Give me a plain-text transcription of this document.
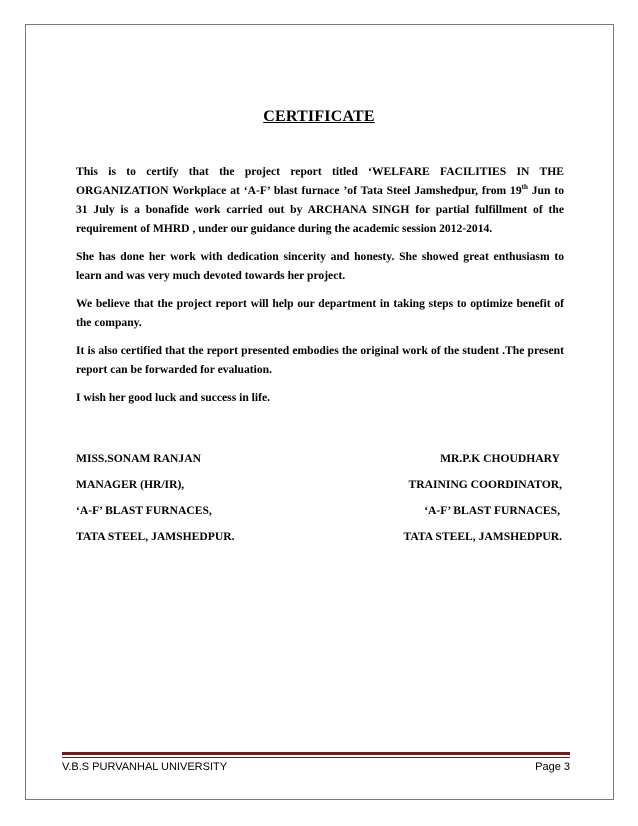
CERTIFICATE

This is to certify that the project report titled ‘WELFARE FACILITIES IN THE ORGANIZATION Workplace at ‘A-F’ blast furnace ’of Tata Steel Jamshedpur, from 19th Jun to 31 July is a bonafide work carried out by ARCHANA SINGH for partial fulfillment of the requirement of MHRD , under our guidance during the academic session 2012-2014.

She has done her work with dedication sincerity and honesty. She showed great enthusiasm to learn and was very much devoted towards her project.

We believe that the project report will help our department in taking steps to optimize benefit of the company.

It is also certified that the report presented embodies the original work of the student .The present report can be forwarded for evaluation.

I wish her good luck and success in life.

MISS.SONAM RANJAN
MANAGER (HR/IR),
‘A-F’ BLAST FURNACES,
TATA STEEL, JAMSHEDPUR.
MR.P.K CHOUDHARY
TRAINING COORDINATOR,
‘A-F’ BLAST FURNACES,
TATA STEEL, JAMSHEDPUR.
V.B.S PURVANHAL UNIVERSITY	Page 3
